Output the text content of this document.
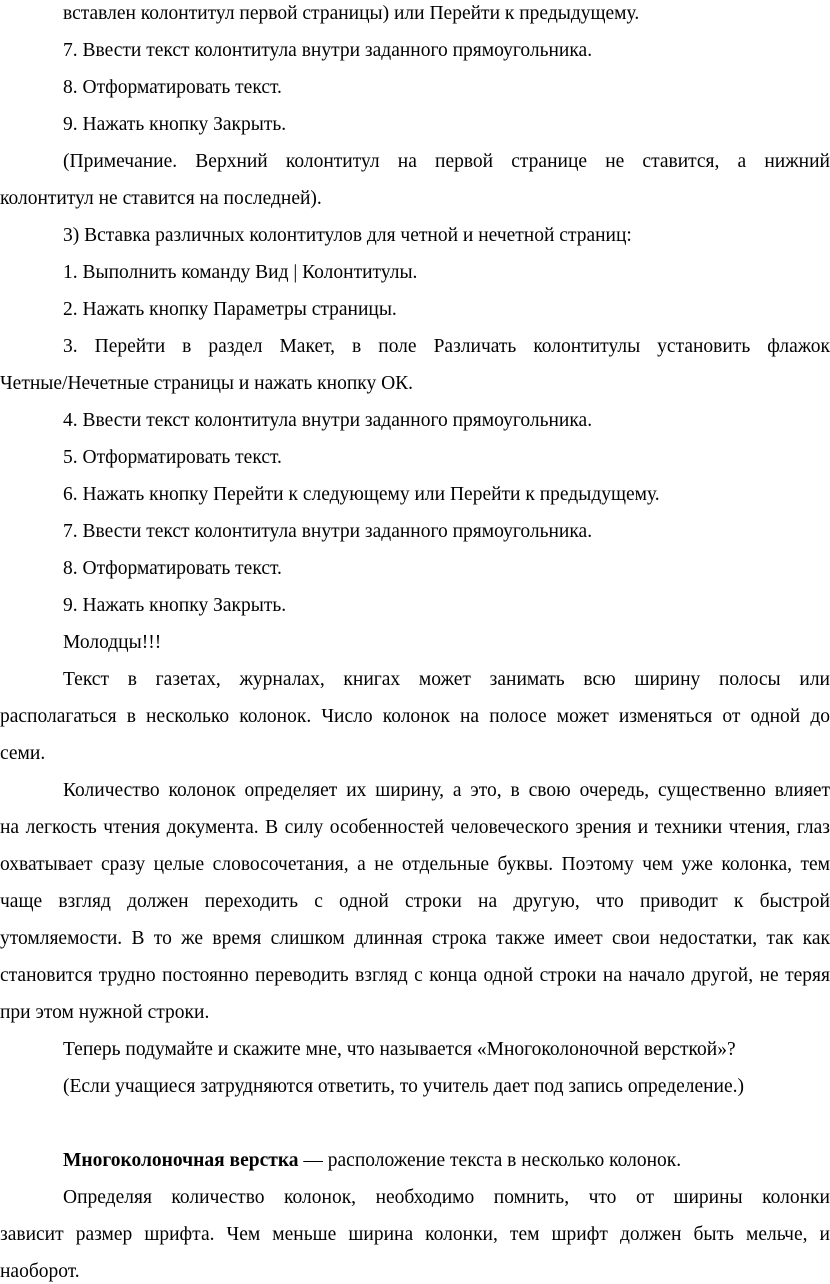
вставлен колонтитул первой страницы) или Перейти к предыдущему.
7. Ввести текст колонтитула внутри заданного прямоугольника.
8. Отформатировать текст.
9. Нажать кнопку Закрыть.
(Примечание. Верхний колонтитул на первой странице не ставится, а нижний
колонтитул не ставится на последней).
3) Вставка различных колонтитулов для четной и нечетной страниц:
1. Выполнить команду Вид | Колонтитулы.
2. Нажать кнопку Параметры страницы.
3. Перейти в раздел Макет, в поле Различать колонтитулы установить флажок
Четные/Нечетные страницы и нажать кнопку ОК.
4. Ввести текст колонтитула внутри заданного прямоугольника.
5. Отформатировать текст.
6. Нажать кнопку Перейти к следующему или Перейти к предыдущему.
7. Ввести текст колонтитула внутри заданного прямоугольника.
8. Отформатировать текст.
9. Нажать кнопку Закрыть.
Молодцы!!!
Текст в газетах, журналах, книгах может занимать всю ширину полосы или
располагаться в несколько колонок. Число колонок на полосе может изменяться от одной до
семи.
Количество колонок определяет их ширину, а это, в свою очередь, существенно влияет
на легкость чтения документа. В силу особенностей человеческого зрения и техники чтения, глаз
охватывает сразу целые словосочетания, а не отдельные буквы. Поэтому чем уже колонка, тем
чаще взгляд должен переходить с одной строки на другую, что приводит к быстрой
утомляемости. В то же время слишком длинная строка также имеет свои недостатки, так как
становится трудно постоянно переводить взгляд с конца одной строки на начало другой, не теряя
при этом нужной строки.
Теперь подумайте и скажите мне, что называется «Многоколоночной версткой»?
(Если учащиеся затрудняются ответить, то учитель дает под запись определение.)
Многоколоночная верстка — расположение текста в несколько колонок.
Определяя количество колонок, необходимо помнить, что от ширины колонки
зависит размер шрифта. Чем меньше ширина колонки, тем шрифт должен быть мельче, и
наоборот.
